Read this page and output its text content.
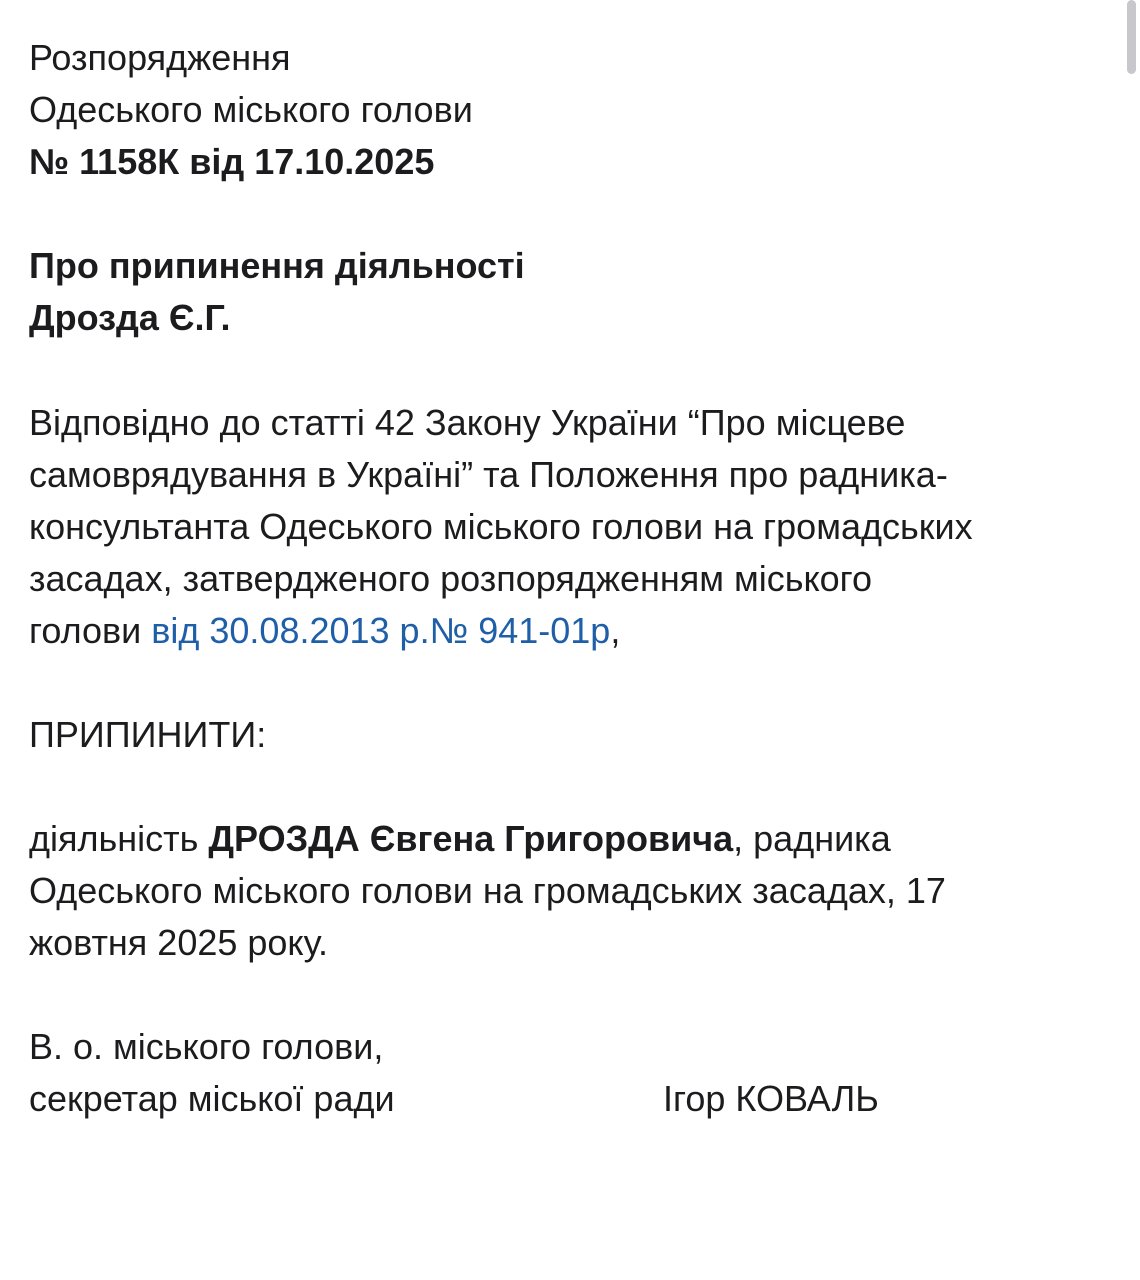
Розпорядження
Одеського міського голови
№ 1158К від 17.10.2025
Про припинення діяльності
Дрозда Є.Г.
Відповідно до статті 42 Закону України “Про місцеве
самоврядування в Україні” та Положення про радника-
консультанта Одеського міського голови на громадських
засадах, затвердженого розпорядженням міського
голови від 30.08.2013 р.№ 941-01р,
ПРИПИНИТИ:
діяльність ДРОЗДА Євгена Григоровича, радника
Одеського міського голови на громадських засадах, 17
жовтня 2025 року.
В. о. міського голови,
секретар міської ради	Ігор КОВАЛЬ
